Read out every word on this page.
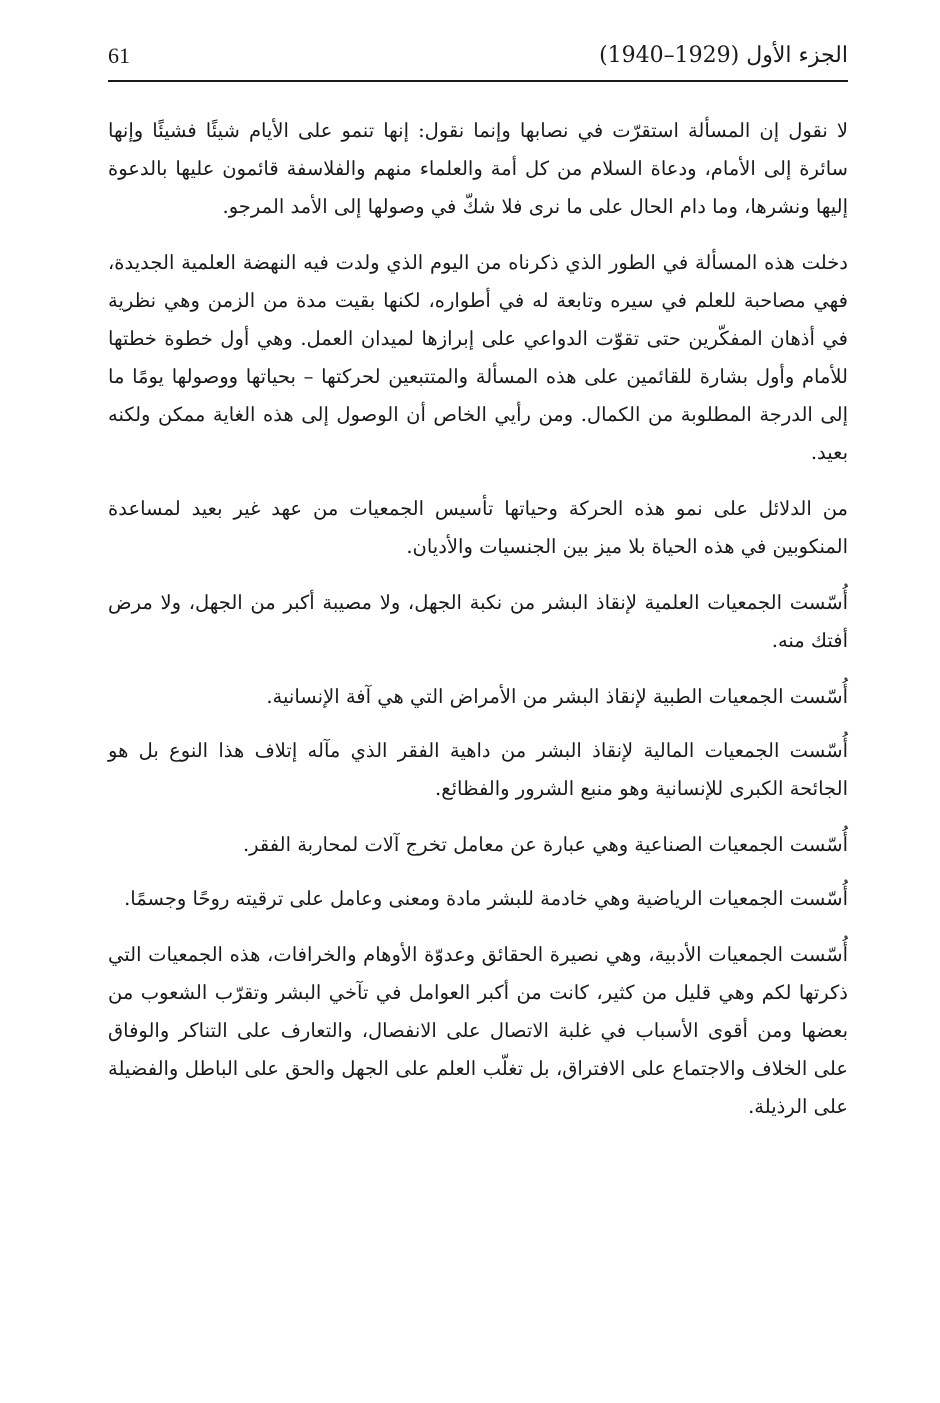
61	الجزء الأول (1929–1940)

لا نقول إن المسألة استقرّت في نصابها وإنما نقول: إنها تنمو على الأيام شيئًا فشيئًا وإنها سائرة إلى الأمام، ودعاة السلام من كل أمة والعلماء منهم والفلاسفة قائمون عليها بالدعوة إليها ونشرها، وما دام الحال على ما نرى فلا شكّ في وصولها إلى الأمد المرجو.

دخلت هذه المسألة في الطور الذي ذكرناه من اليوم الذي ولدت فيه النهضة العلمية الجديدة، فهي مصاحبة للعلم في سيره وتابعة له في أطواره، لكنها بقيت مدة من الزمن وهي نظرية في أذهان المفكّرين حتى تقوّت الدواعي على إبرازها لميدان العمل. وهي أول خطوة خطتها للأمام وأول بشارة للقائمين على هذه المسألة والمتتبعين لحركتها – بحياتها ووصولها يومًا ما إلى الدرجة المطلوبة من الكمال. ومن رأيي الخاص أن الوصول إلى هذه الغاية ممكن ولكنه بعيد.

من الدلائل على نمو هذه الحركة وحياتها تأسيس الجمعيات من عهد غير بعيد لمساعدة المنكوبين في هذه الحياة بلا ميز بين الجنسيات والأديان.

أُسّست الجمعيات العلمية لإنقاذ البشر من نكبة الجهل، ولا مصيبة أكبر من الجهل، ولا مرض أفتك منه.

أُسّست الجمعيات الطبية لإنقاذ البشر من الأمراض التي هي آفة الإنسانية.

أُسّست الجمعيات المالية لإنقاذ البشر من داهية الفقر الذي مآله إتلاف هذا النوع بل هو الجائحة الكبرى للإنسانية وهو منبع الشرور والفظائع.

أُسّست الجمعيات الصناعية وهي عبارة عن معامل تخرج آلات لمحاربة الفقر.

أُسّست الجمعيات الرياضية وهي خادمة للبشر مادة ومعنى وعامل على ترقيته روحًا وجسمًا.

أُسّست الجمعيات الأدبية، وهي نصيرة الحقائق وعدوّة الأوهام والخرافات، هذه الجمعيات التي ذكرتها لكم وهي قليل من كثير، كانت من أكبر العوامل في تآخي البشر وتقرّب الشعوب من بعضها ومن أقوى الأسباب في غلبة الاتصال على الانفصال، والتعارف على التناكر والوفاق على الخلاف والاجتماع على الافتراق، بل تغلّب العلم على الجهل والحق على الباطل والفضيلة على الرذيلة.
